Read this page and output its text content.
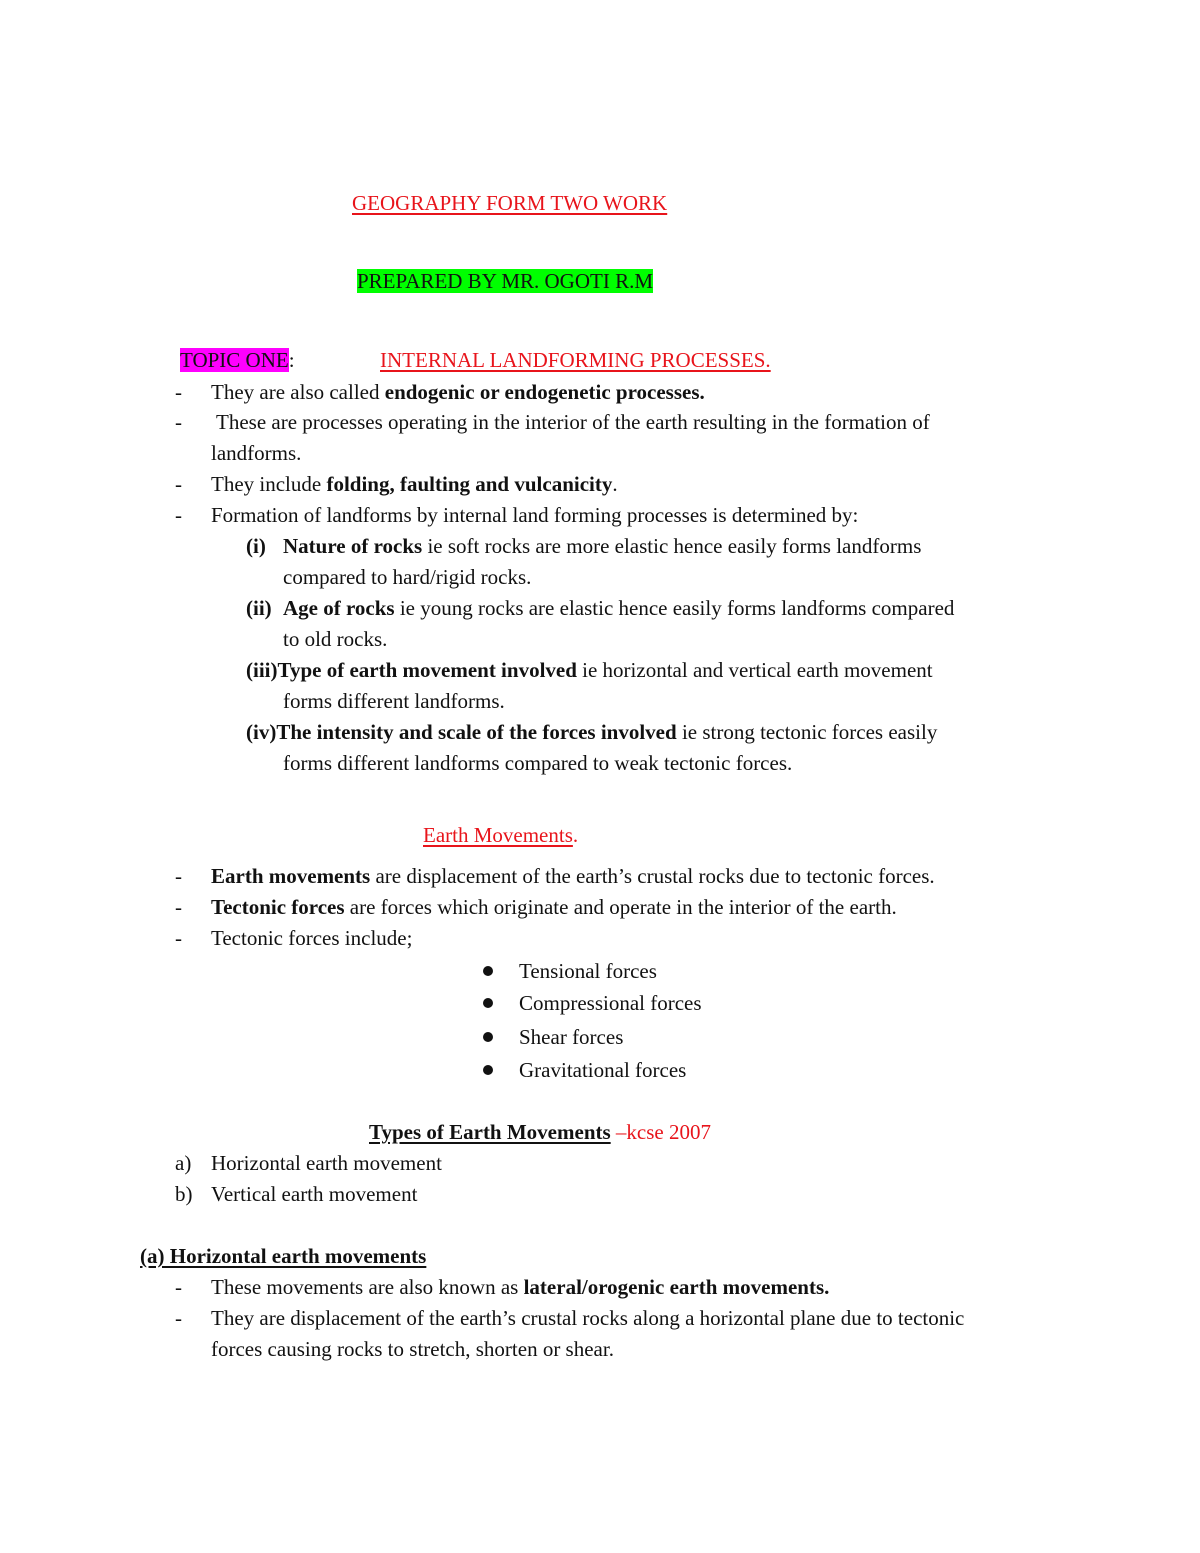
GEOGRAPHY FORM TWO WORK
PREPARED BY MR. OGOTI R.M
TOPIC ONE:	INTERNAL LANDFORMING PROCESSES.
-	They are also called endogenic or endogenetic processes.
-	These are processes operating in the interior of the earth resulting in the formation of
landforms.
-	They include folding, faulting and vulcanicity.
-	Formation of landforms by internal land forming processes is determined by:
(i) Nature of rocks ie soft rocks are more elastic hence easily forms landforms
compared to hard/rigid rocks.
(ii) Age of rocks ie young rocks are elastic hence easily forms landforms compared
to old rocks.
(iii)Type of earth movement involved ie horizontal and vertical earth movement
forms different landforms.
(iv)The intensity and scale of the forces involved ie strong tectonic forces easily
forms different landforms compared to weak tectonic forces.
Earth Movements.
-	Earth movements are displacement of the earth’s crustal rocks due to tectonic forces.
-	Tectonic forces are forces which originate and operate in the interior of the earth.
-	Tectonic forces include;
Tensional forces
Compressional forces
Shear forces
Gravitational forces
Types of Earth Movements –kcse 2007
a) Horizontal earth movement
b) Vertical earth movement
(a) Horizontal earth movements
-	These movements are also known as lateral/orogenic earth movements.
-	They are displacement of the earth’s crustal rocks along a horizontal plane due to tectonic
forces causing rocks to stretch, shorten or shear.
